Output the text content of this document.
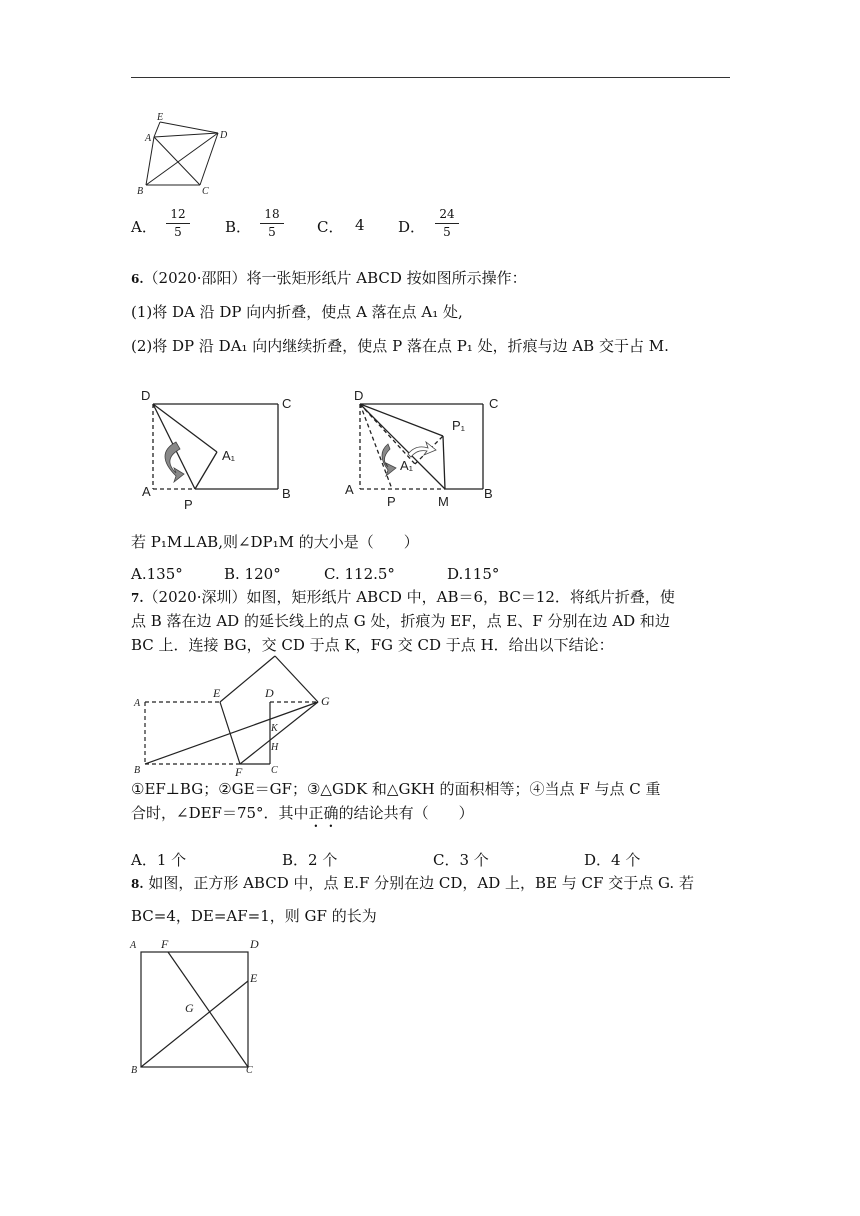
E
A	D
B	C
A． $\frac{12}{5}$ B． $\frac{18}{5}$ C． 4 D． $\frac{24}{5}$
6.（2020·邵阳）将一张矩形纸片 ABCD 按如图所示操作：
(1)将 DA 沿 DP 向内折叠，使点 A 落在点 A₁ 处,
(2)将 DP 沿 DA₁ 向内继续折叠，使点 P 落在点 P₁ 处，折痕与边 AB 交于占 M.
D
C
A₁
A
P
B
D
C
P₁
A₁
A
P	M
B
若 P₁M⊥AB,则∠DP₁M 的大小是（　　）
A.135°	B. 120°	C. 112.5°	D.115°
7.（2020·深圳）如图，矩形纸片 ABCD 中，AB＝6，BC＝12．将纸片折叠，使
点 B 落在边 AD 的延长线上的点 G 处，折痕为 EF，点 E、F 分别在边 AD 和边
BC 上．连接 BG，交 CD 于点 K，FG 交 CD 于点 H．给出以下结论：
A
E	D
G
K
H
B	F	C
①EF⊥BG；②GE＝GF；③△GDK 和△GKH 的面积相等；④当点 F 与点 C 重
合时，∠DEF＝75°．其中正确的结论共有（　　）
A．1 个	B．2 个	C．3 个	D．4 个
8. 如图，正方形 ABCD 中，点 E.F 分别在边 CD，AD 上，BE 与 CF 交于点 G. 若
BC=4，DE=AF=1，则 GF 的长为
A F	D
E
G
B	C
